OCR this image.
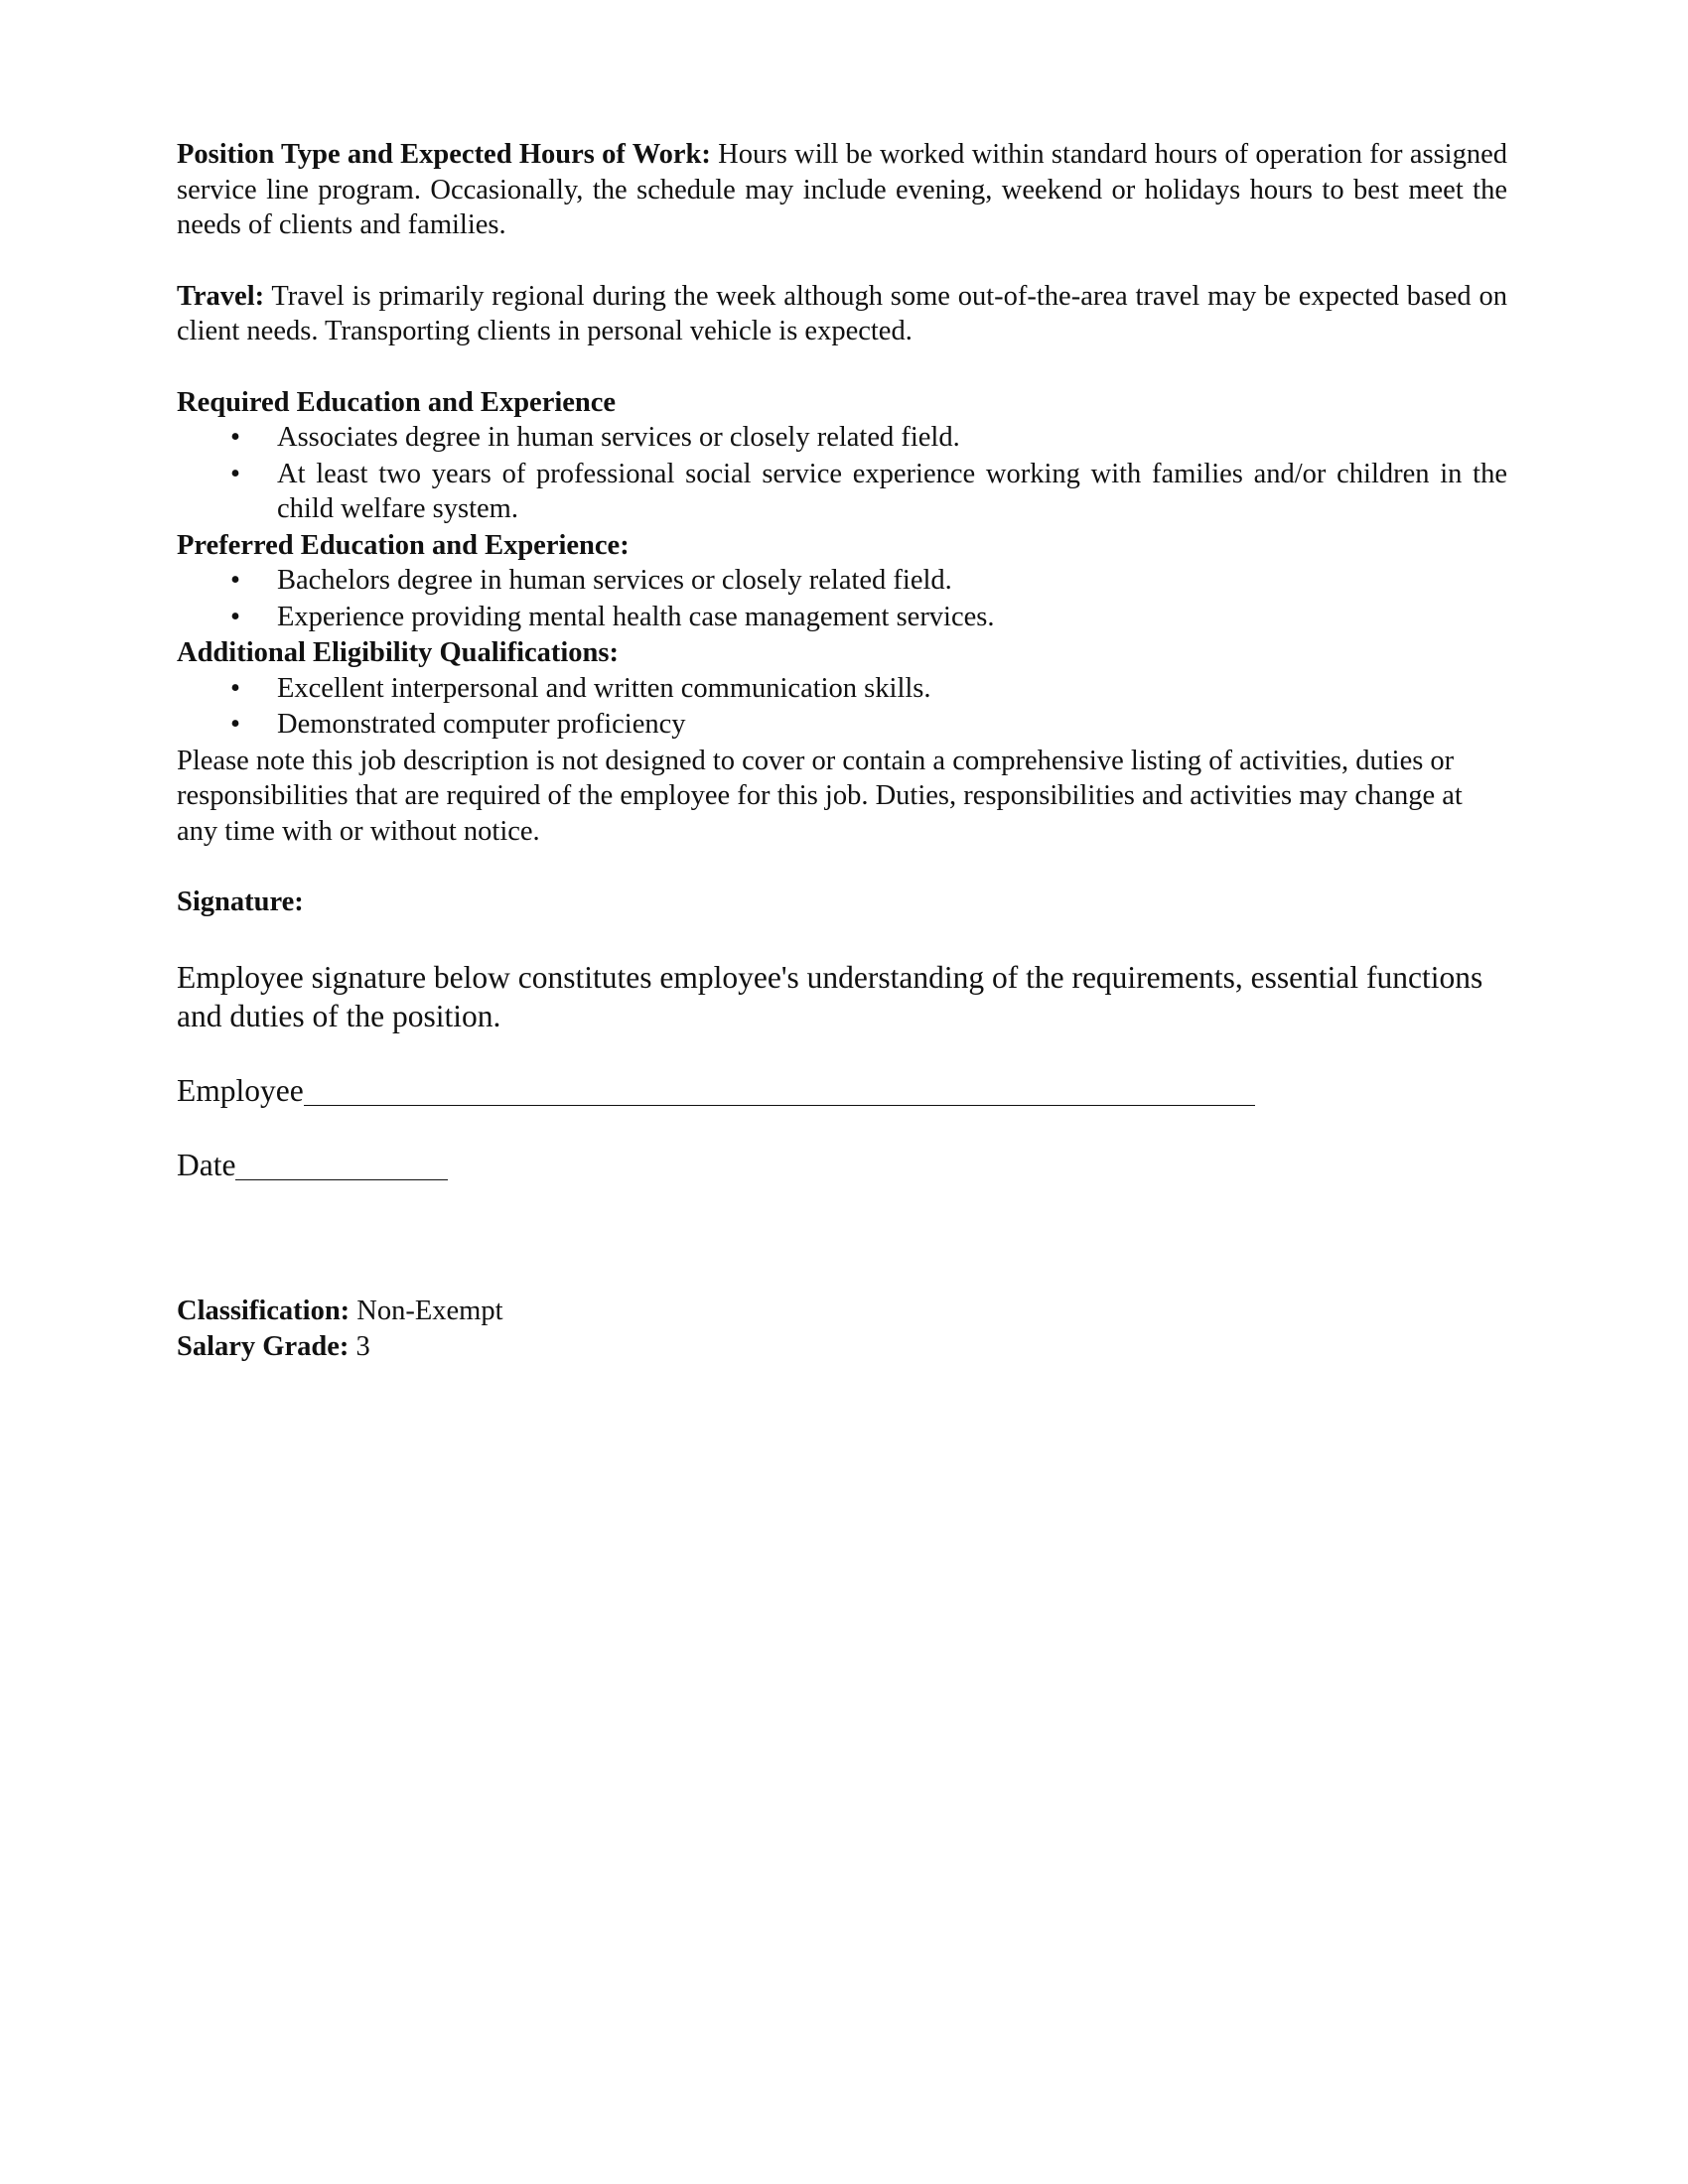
Position Type and Expected Hours of Work: Hours will be worked within standard hours of operation for assigned service line program. Occasionally, the schedule may include evening, weekend or holidays hours to best meet the needs of clients and families.

Travel: Travel is primarily regional during the week although some out-of-the-area travel may be expected based on client needs. Transporting clients in personal vehicle is expected.

Required Education and Experience

• Associates degree in human services or closely related field.
• At least two years of professional social service experience working with families and/or children in the child welfare system.

Preferred Education and Experience:

• Bachelors degree in human services or closely related field.
• Experience providing mental health case management services.

Additional Eligibility Qualifications:

• Excellent interpersonal and written communication skills.
• Demonstrated computer proficiency

Please note this job description is not designed to cover or contain a comprehensive listing of activities, duties or responsibilities that are required of the employee for this job. Duties, responsibilities and activities may change at any time with or without notice.

Signature:

Employee signature below constitutes employee's understanding of the requirements, essential functions and duties of the position.

Employee
Date

Classification: Non-Exempt

Salary Grade: 3
